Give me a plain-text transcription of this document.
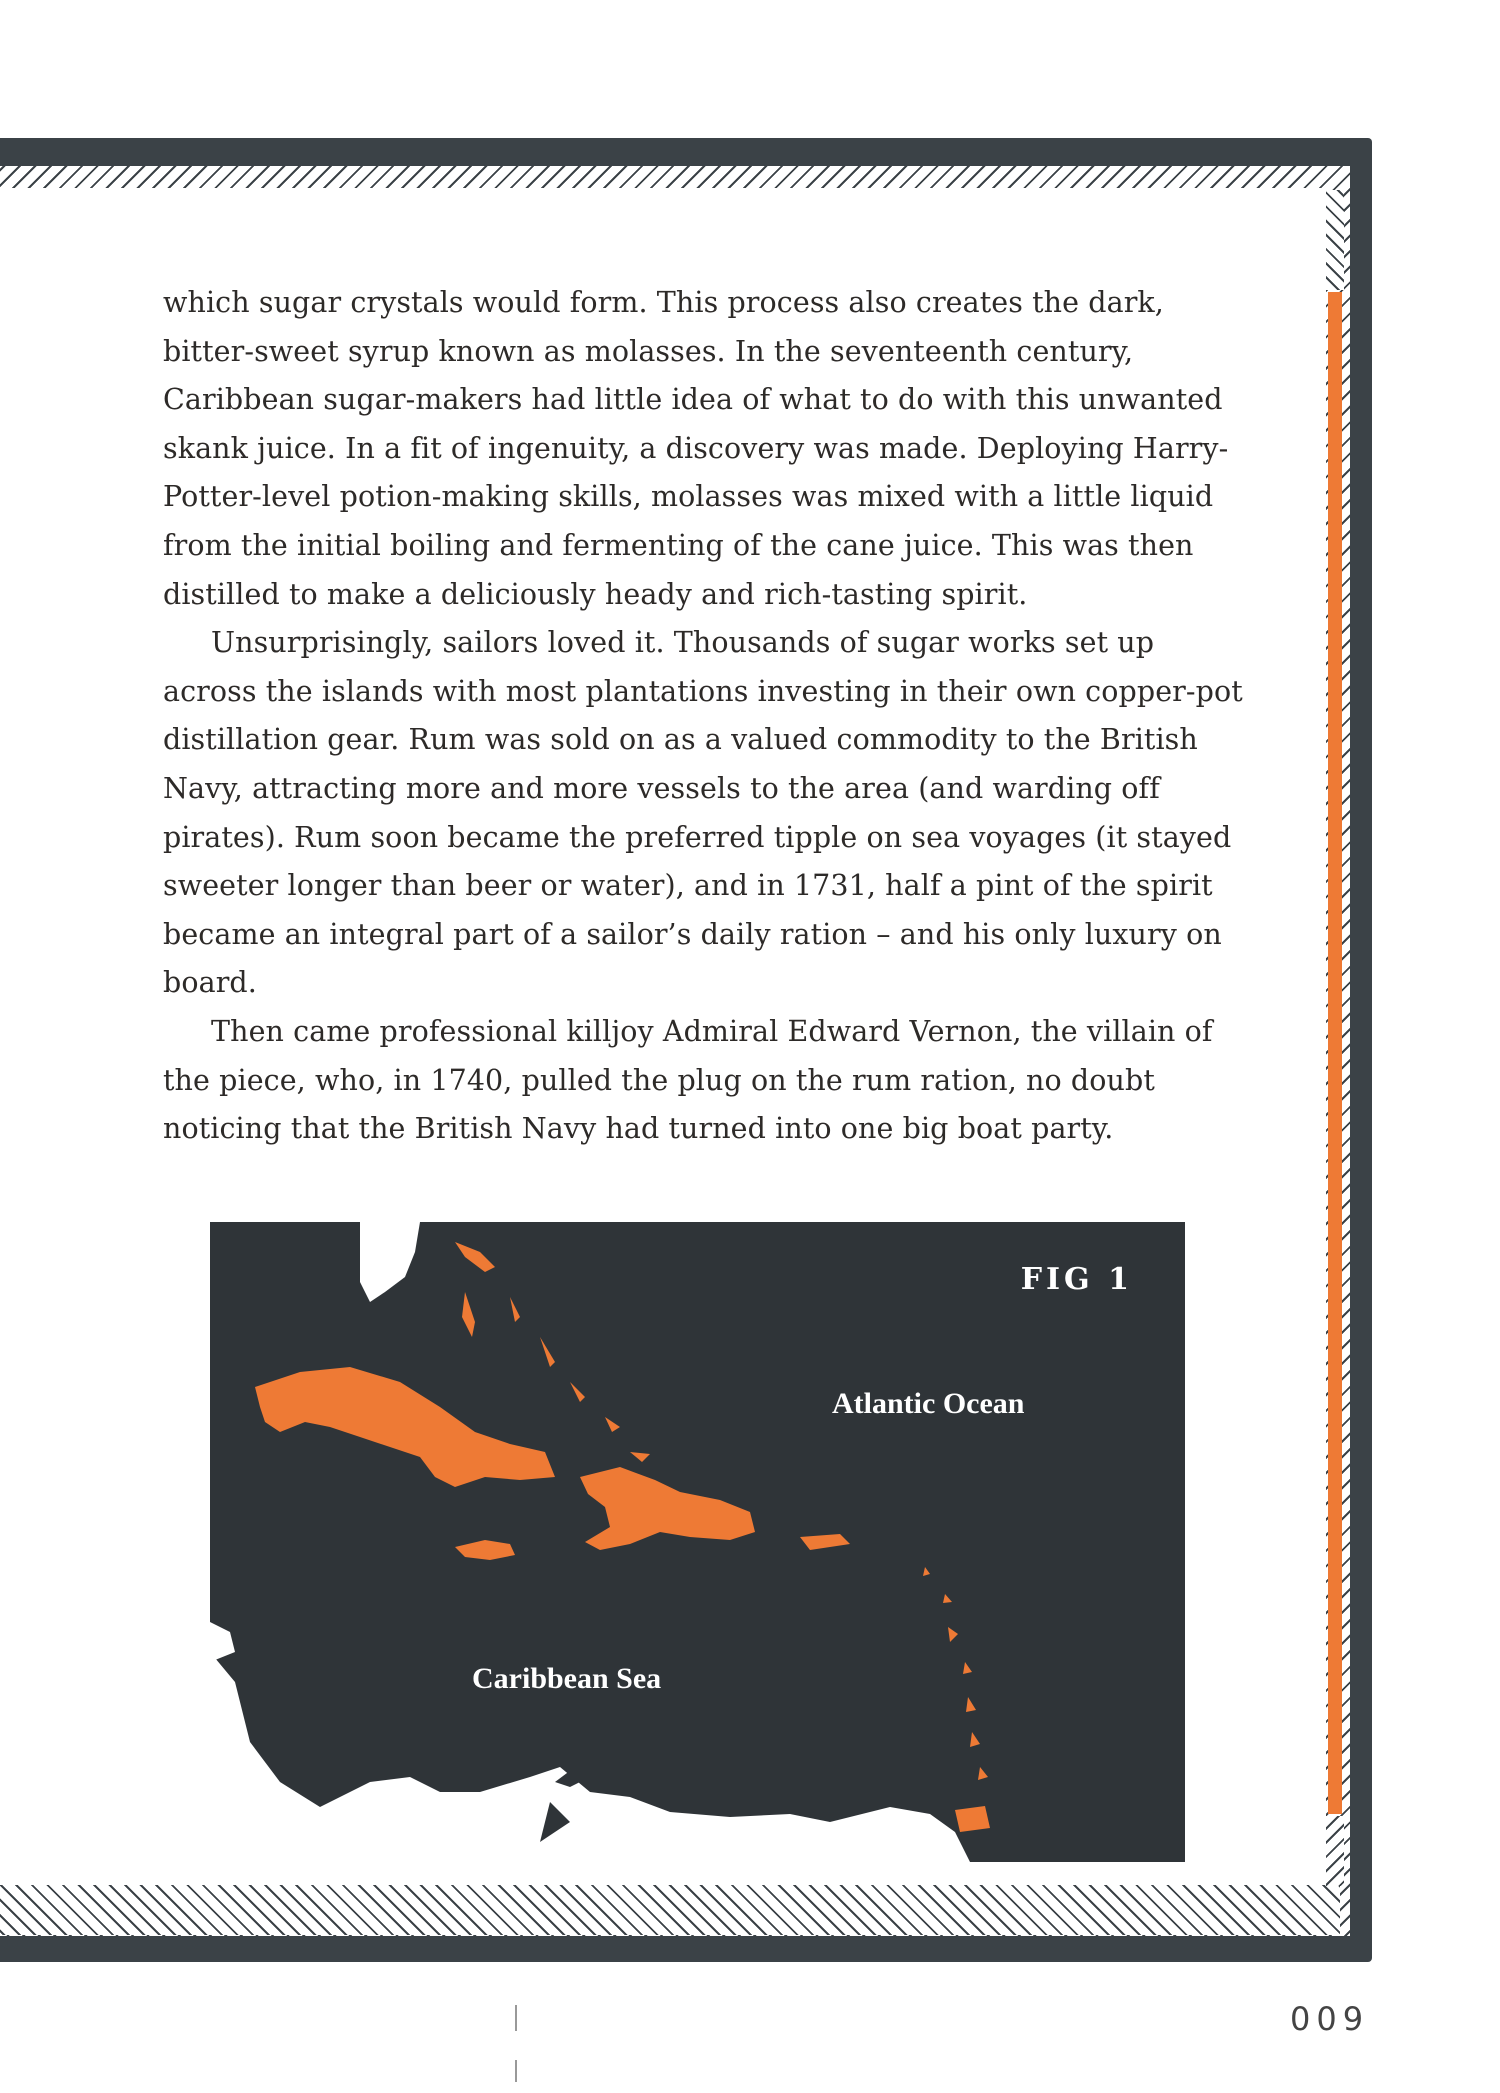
which sugar crystals would form. This process also creates the dark, bitter-sweet syrup known as molasses. In the seventeenth century, Caribbean sugar-makers had little idea of what to do with this unwanted skank juice. In a fit of ingenuity, a discovery was made. Deploying Harry-Potter-level potion-making skills, molasses was mixed with a little liquid from the initial boiling and fermenting of the cane juice. This was then distilled to make a deliciously heady and rich-tasting spirit.

Unsurprisingly, sailors loved it. Thousands of sugar works set up across the islands with most plantations investing in their own copper-pot distillation gear. Rum was sold on as a valued commodity to the British Navy, attracting more and more vessels to the area (and warding off pirates). Rum soon became the preferred tipple on sea voyages (it stayed sweeter longer than beer or water), and in 1731, half a pint of the spirit became an integral part of a sailor’s daily ration – and his only luxury on board.

Then came professional killjoy Admiral Edward Vernon, the villain of the piece, who, in 1740, pulled the plug on the rum ration, no doubt noticing that the British Navy had turned into one big boat party.

FIG 1
Atlantic Ocean
Caribbean Sea
009
